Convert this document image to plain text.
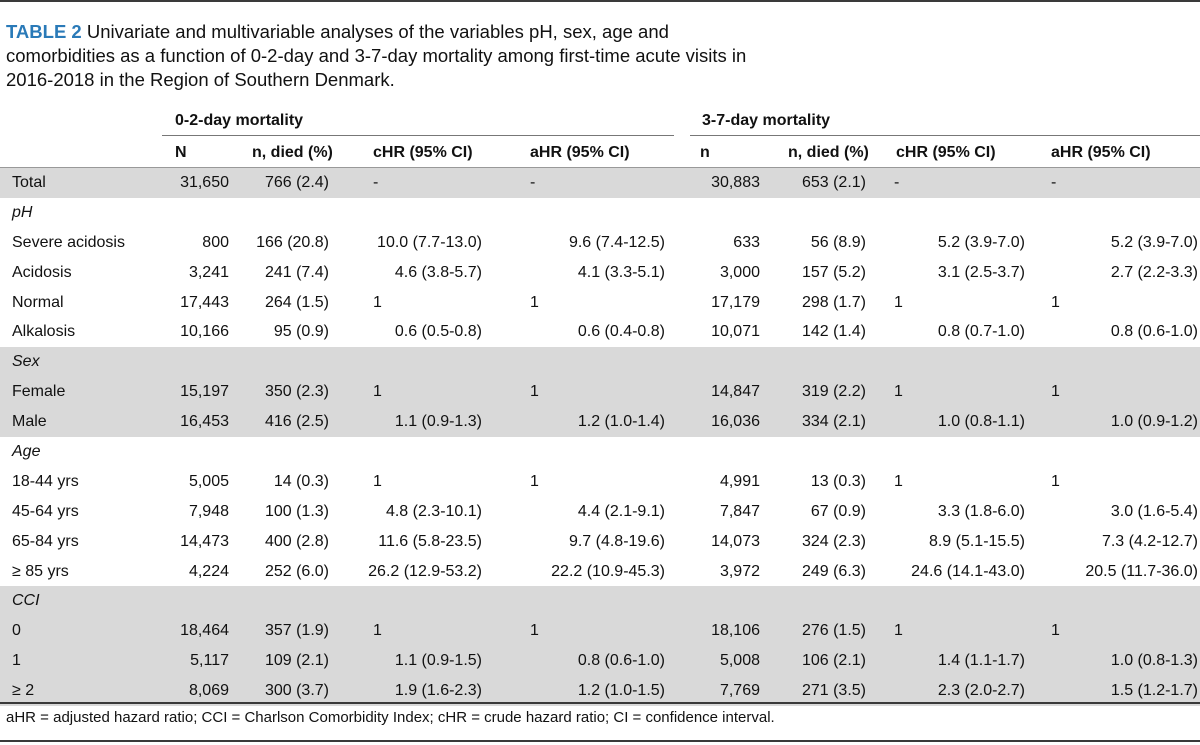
TABLE 2 Univariate and multivariable analyses of the variables pH, sex, age and comorbidities as a function of 0-2-day and 3-7-day mortality among first-time acute visits in 2016-2018 in the Region of Southern Denmark.
0-2-day mortality	3-7-day mortality
	N	n, died (%)	cHR (95% CI)	aHR (95% CI)	n	n, died (%)	cHR (95% CI)	aHR (95% CI)
Total	31,650	766 (2.4)	-	-	30,883	653 (2.1)	-	-
pH								
Severe acidosis	800	166 (20.8)	10.0 (7.7-13.0)	9.6 (7.4-12.5)	633	56 (8.9)	5.2 (3.9-7.0)	5.2 (3.9-7.0)
Acidosis	3,241	241 (7.4)	4.6 (3.8-5.7)	4.1 (3.3-5.1)	3,000	157 (5.2)	3.1 (2.5-3.7)	2.7 (2.2-3.3)
Normal	17,443	264 (1.5)	1	1	17,179	298 (1.7)	1	1
Alkalosis	10,166	95 (0.9)	0.6 (0.5-0.8)	0.6 (0.4-0.8)	10,071	142 (1.4)	0.8 (0.7-1.0)	0.8 (0.6-1.0)
Sex								
Female	15,197	350 (2.3)	1	1	14,847	319 (2.2)	1	1
Male	16,453	416 (2.5)	1.1 (0.9-1.3)	1.2 (1.0-1.4)	16,036	334 (2.1)	1.0 (0.8-1.1)	1.0 (0.9-1.2)
Age								
18-44 yrs	5,005	14 (0.3)	1	1	4,991	13 (0.3)	1	1
45-64 yrs	7,948	100 (1.3)	4.8 (2.3-10.1)	4.4 (2.1-9.1)	7,847	67 (0.9)	3.3 (1.8-6.0)	3.0 (1.6-5.4)
65-84 yrs	14,473	400 (2.8)	11.6 (5.8-23.5)	9.7 (4.8-19.6)	14,073	324 (2.3)	8.9 (5.1-15.5)	7.3 (4.2-12.7)
≥ 85 yrs	4,224	252 (6.0)	26.2 (12.9-53.2)	22.2 (10.9-45.3)	3,972	249 (6.3)	24.6 (14.1-43.0)	20.5 (11.7-36.0)
CCI								
0	18,464	357 (1.9)	1	1	18,106	276 (1.5)	1	1
1	5,117	109 (2.1)	1.1 (0.9-1.5)	0.8 (0.6-1.0)	5,008	106 (2.1)	1.4 (1.1-1.7)	1.0 (0.8-1.3)
≥ 2	8,069	300 (3.7)	1.9 (1.6-2.3)	1.2 (1.0-1.5)	7,769	271 (3.5)	2.3 (2.0-2.7)	1.5 (1.2-1.7)
aHR = adjusted hazard ratio; CCI = Charlson Comorbidity Index; cHR = crude hazard ratio; CI = confidence interval.
